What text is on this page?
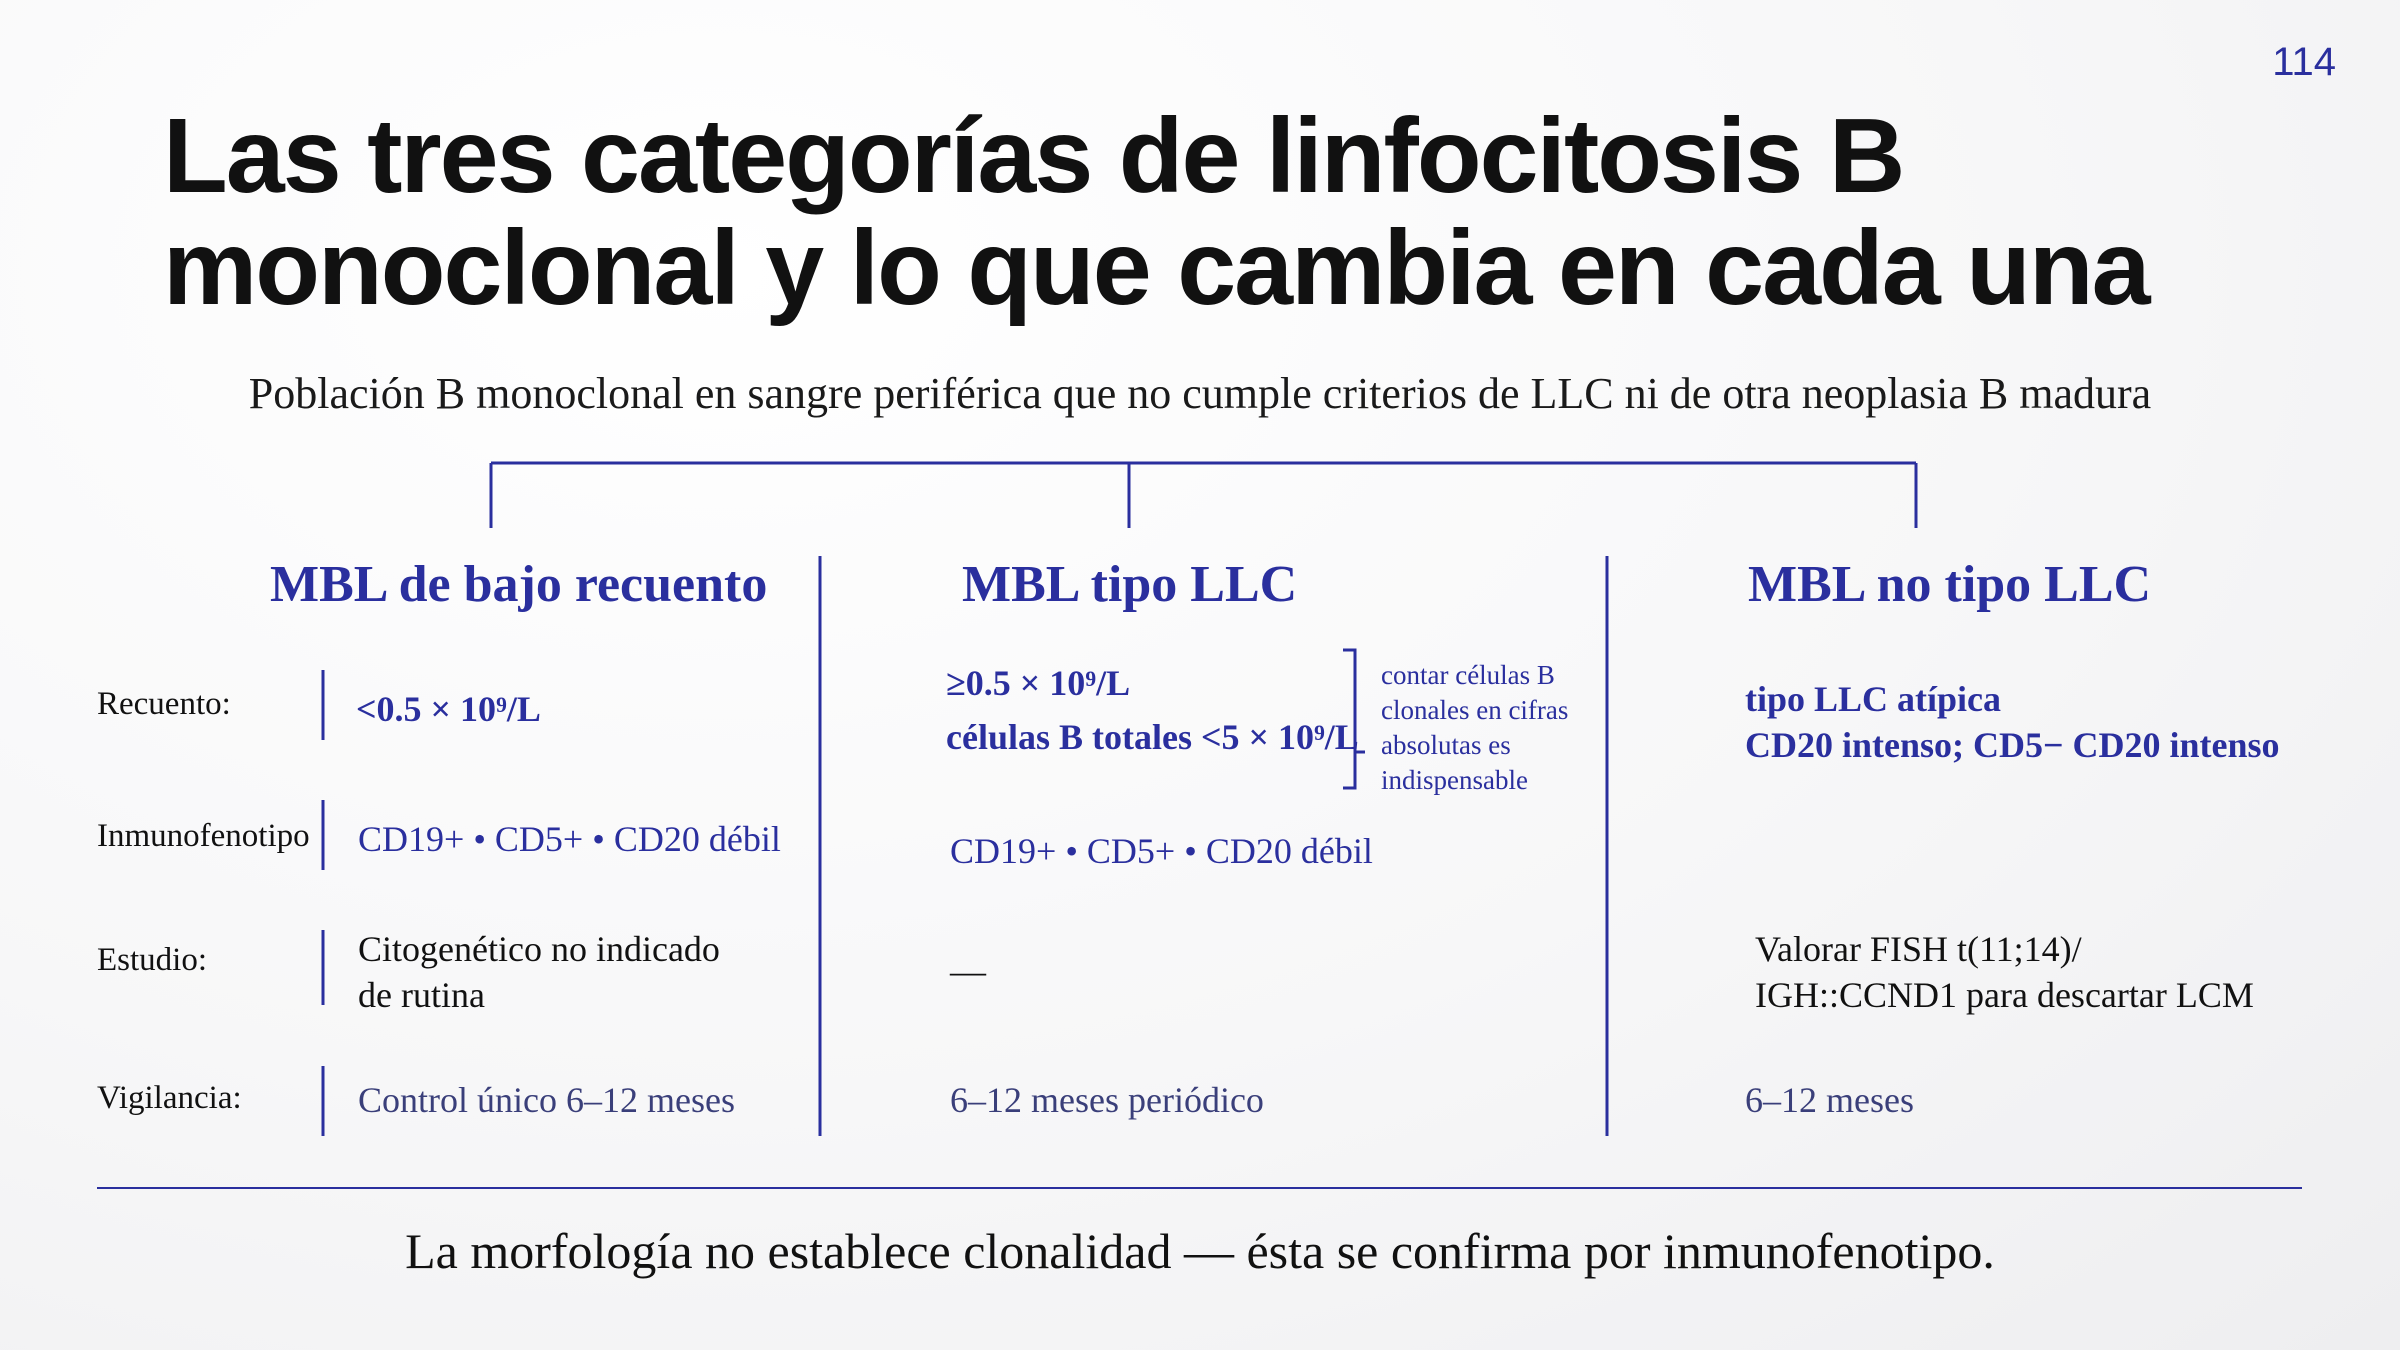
114
Las tres categorías de linfocitosis B
monoclonal y lo que cambia en cada una
Población B monoclonal en sangre periférica que no cumple criterios de LLC ni de otra neoplasia B madura
MBL de bajo recuento	MBL tipo LLC	MBL no tipo LLC
Recuento:
Inmunofenotipo
Estudio:
Vigilancia:
<0.5 × 10⁹/L
CD19+ • CD5+ • CD20 débil
Citogenético no indicado
de rutina
Control único 6–12 meses
≥0.5 × 10⁹/L
células B totales <5 × 10⁹/L
contar células B clonales en cifras absolutas es indispensable
CD19+ • CD5+ • CD20 débil
—
6–12 meses periódico
tipo LLC atípica
CD20 intenso; CD5− CD20 intenso
Valorar FISH t(11;14)/
IGH::CCND1 para descartar LCM
6–12 meses
La morfología no establece clonalidad — ésta se confirma por inmunofenotipo.
